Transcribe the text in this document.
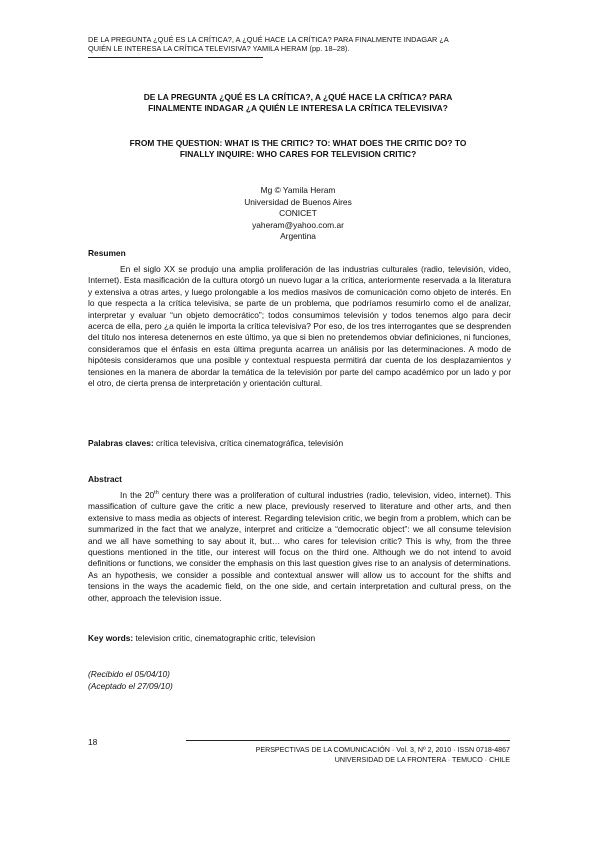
DE LA PREGUNTA ¿QUÉ ES LA CRÍTICA?, A ¿QUÉ HACE LA CRÍTICA? PARA FINALMENTE INDAGAR ¿A
QUIÉN LE INTERESA LA CRÍTICA TELEVISIVA? YAMILA HERAM (pp. 18–28).
DE LA PREGUNTA ¿QUÉ ES LA CRÍTICA?, A ¿QUÉ HACE LA CRÍTICA? PARA
FINALMENTE INDAGAR ¿A QUIÉN LE INTERESA LA CRÍTICA TELEVISIVA?
FROM THE QUESTION: WHAT IS THE CRITIC? TO: WHAT DOES THE CRITIC DO? TO
FINALLY INQUIRE: WHO CARES FOR TELEVISION CRITIC?
Mg © Yamila Heram
Universidad de Buenos Aires
CONICET
yaheram@yahoo.com.ar
Argentina
Resumen
En el siglo XX se produjo una amplia proliferación de las industrias culturales (radio, televisión, video, Internet). Esta masificación de la cultura otorgó un nuevo lugar a la crítica, anteriormente reservada a la literatura y extensiva a otras artes, y luego prolongable a los medios masivos de comunicación como objeto de interés. En lo que respecta a la crítica televisiva, se parte de un problema, que podríamos resumirlo como el de analizar, interpretar y evaluar “un objeto democrático”; todos consumimos televisión y todos tenemos algo para decir acerca de ella, pero ¿a quién le importa la crítica televisiva? Por eso, de los tres interrogantes que se desprenden del título nos interesa detenernos en este último, ya que si bien no pretendemos obviar definiciones, ni funciones, consideramos que el énfasis en esta última pregunta acarrea un análisis por las determinaciones. A modo de hipótesis consideramos que una posible y contextual respuesta permitirá dar cuenta de los desplazamientos y tensiones en la manera de abordar la temática de la televisión por parte del campo académico por un lado y por el otro, de cierta prensa de interpretación y orientación cultural.
Palabras claves: crítica televisiva, crítica cinematográfica, televisión
Abstract
In the 20th century there was a proliferation of cultural industries (radio, television, video, internet). This massification of culture gave the critic a new place, previously reserved to literature and other arts, and then extensive to mass media as objects of interest. Regarding television critic, we begin from a problem, which can be summarized in the fact that we analyze, interpret and criticize a “democratic object”: we all consume television and we all have something to say about it, but… who cares for television critic? This is why, from the three questions mentioned in the title, our interest will focus on the third one. Although we do not intend to avoid definitions or functions, we consider the emphasis on this last question gives rise to an analysis of determinations. As an hypothesis, we consider a possible and contextual answer will allow us to account for the shifts and tensions in the ways the academic field, on the one side, and certain interpretation and cultural press, on the other, approach the television issue.
Key words: television critic, cinematographic critic, television
(Recibido el 05/04/10)
(Aceptado el 27/09/10)
18
PERSPECTIVAS DE LA COMUNICACIÓN · Vol. 3, Nº 2, 2010 · ISSN 0718-4867
UNIVERSIDAD DE LA FRONTERA · TEMUCO · CHILE
